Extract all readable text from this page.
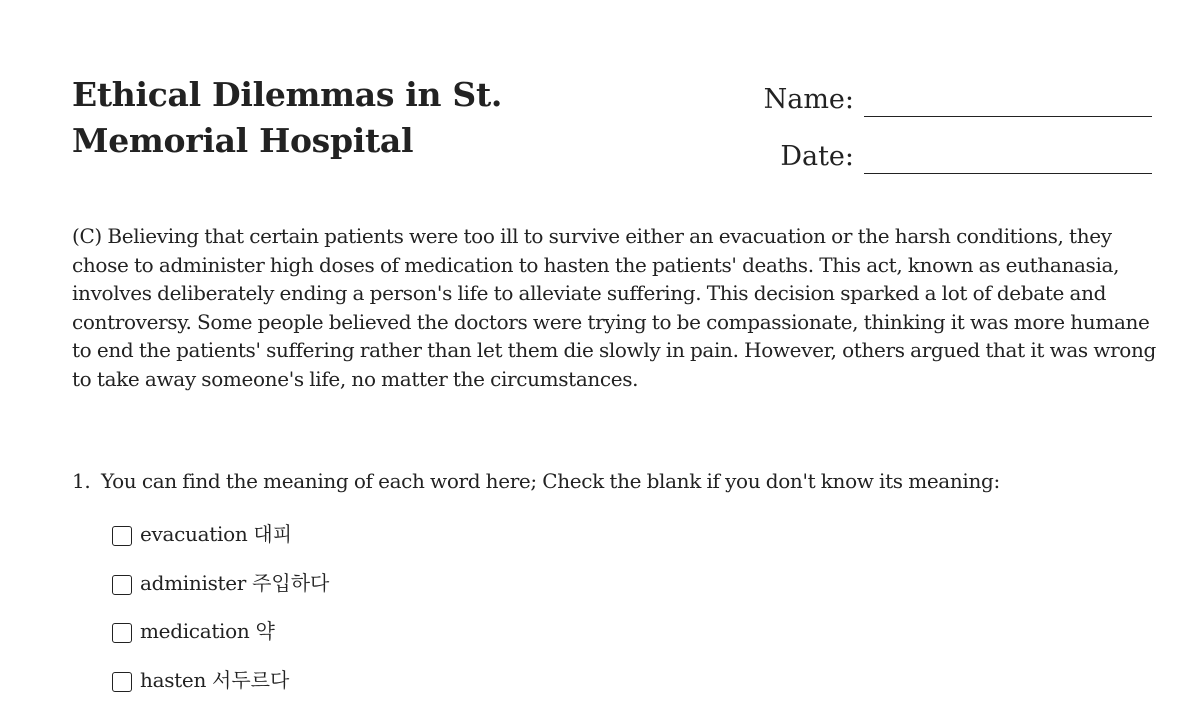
Ethical Dilemmas in St. Memorial Hospital
Name:
Date:

(C) Believing that certain patients were too ill to survive either an evacuation or the harsh conditions, they chose to administer high doses of medication to hasten the patients' deaths. This act, known as euthanasia, involves deliberately ending a person's life to alleviate suffering. This decision sparked a lot of debate and controversy. Some people believed the doctors were trying to be compassionate, thinking it was more humane to end the patients' suffering rather than let them die slowly in pain. However, others argued that it was wrong to take away someone's life, no matter the circumstances.

1. You can find the meaning of each word here; Check the blank if you don't know its meaning:
evacuation 대피
administer 주입하다
medication 약
hasten 서두르다
